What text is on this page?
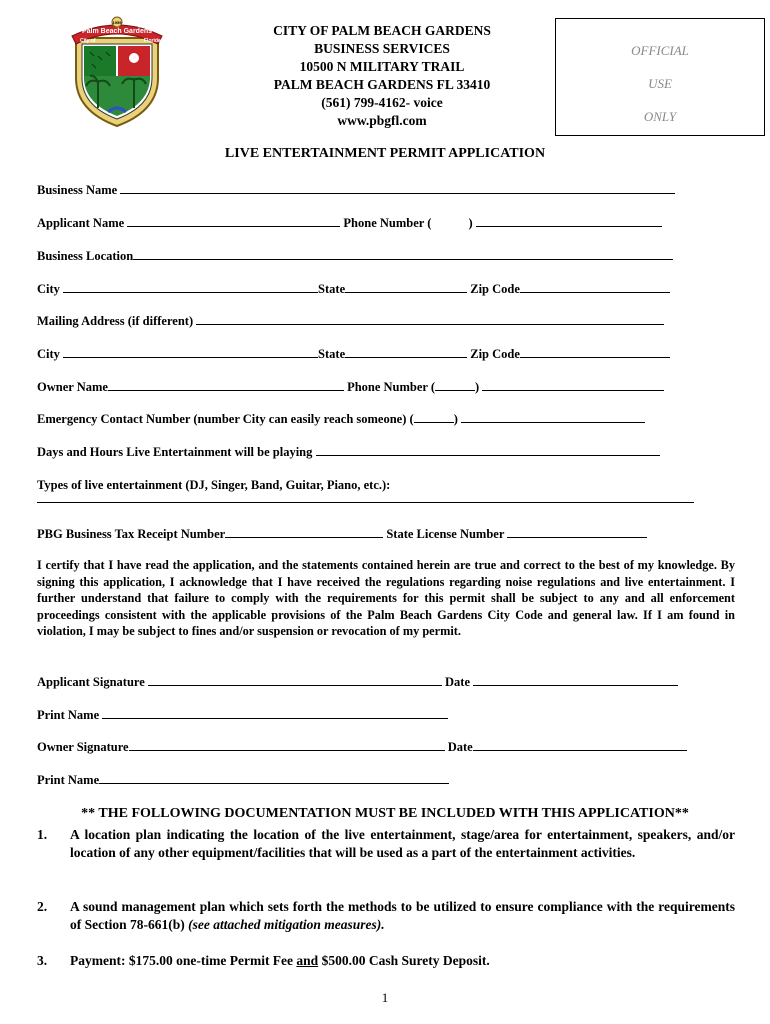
Palm Beach Gardens
City of	Florida
1959
CITY OF PALM BEACH GARDENS
BUSINESS SERVICES
10500 N MILITARY TRAIL
PALM BEACH GARDENS FL 33410
(561) 799-4162- voice
www.pbgfl.com
OFFICIAL
USE
ONLY
LIVE ENTERTAINMENT PERMIT APPLICATION
Business Name
Applicant Name	Phone Number (	)
Business Location
City	State	Zip Code
Mailing Address (if different)
City	State	Zip Code
Owner Name	Phone Number (	)
Emergency Contact Number (number City can easily reach someone) (	)
Days and Hours Live Entertainment will be playing
Types of live entertainment (DJ, Singer, Band, Guitar, Piano, etc.):
PBG Business Tax Receipt Number	State License Number
I certify that I have read the application, and the statements contained herein are true and correct to the best of my knowledge. By signing this application, I acknowledge that I have received the regulations regarding noise regulations and live entertainment. I further understand that failure to comply with the requirements for this permit shall be subject to any and all enforcement proceedings consistent with the applicable provisions of the Palm Beach Gardens City Code and general law. If I am found in violation, I may be subject to fines and/or suspension or revocation of my permit.
Applicant Signature	Date
Print Name
Owner Signature	Date
Print Name
** THE FOLLOWING DOCUMENTATION MUST BE INCLUDED WITH THIS APPLICATION**
1. A location plan indicating the location of the live entertainment, stage/area for entertainment, speakers, and/or location of any other equipment/facilities that will be used as a part of the entertainment activities.
2. A sound management plan which sets forth the methods to be utilized to ensure compliance with the requirements of Section 78-661(b) (see attached mitigation measures).
3. Payment: $175.00 one-time Permit Fee and $500.00 Cash Surety Deposit.
1
